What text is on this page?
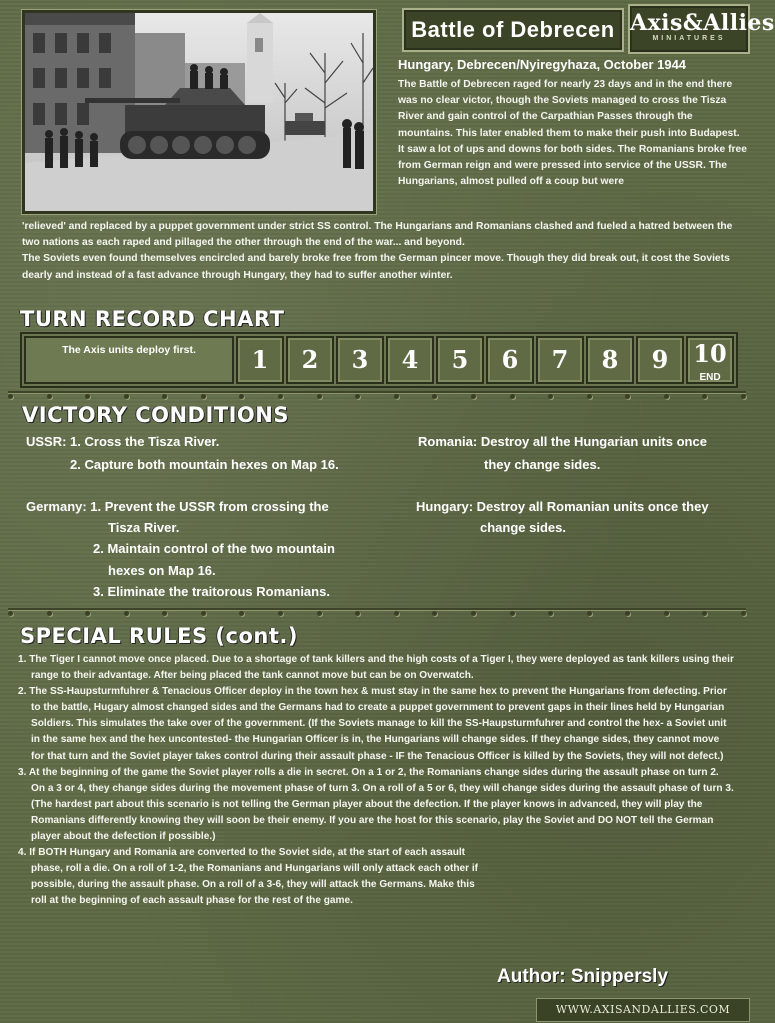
Battle of Debrecen Axis&Allies
MINIATURES
Hungary, Debrecen/Nyiregyhaza, October 1944
The Battle of Debrecen raged for nearly 23 days and in the end there was no clear victor, though the Soviets managed to cross the Tisza River and gain control of the Carpathian Passes through the mountains. This later enabled them to make their push into Budapest.
It saw a lot of ups and downs for both sides. The Romanians broke free from German reign and were pressed into service of the USSR. The Hungarians, almost pulled off a coup but were
'relieved' and replaced by a puppet government under strict SS control. The Hungarians and Romanians clashed and fueled a hatred between the two nations as each raped and pillaged the other through the end of the war... and beyond.
The Soviets even found themselves encircled and barely broke free from the German pincer move. Though they did break out, it cost the Soviets dearly and instead of a fast advance through Hungary, they had to suffer another winter.
TURN RECORD CHART
The Axis units deploy first.	1	2	3	4	5	6	7	8	9	10
END
VICTORY CONDITIONS
USSR: 1. Cross the Tisza River.
2. Capture both mountain hexes on Map 16.
Germany: 1. Prevent the USSR from crossing the
Tisza River.
2. Maintain control of the two mountain
hexes on Map 16.
3. Eliminate the traitorous Romanians.
Romania: Destroy all the Hungarian units once
they change sides.
Hungary: Destroy all Romanian units once they
change sides.
SPECIAL RULES (cont.)

1. The Tiger I cannot move once placed. Due to a shortage of tank killers and the high costs of a Tiger I, they were deployed as tank killers using their range to their advantage. After being placed the tank cannot move but can be on Overwatch.

2. The SS-Haupsturmfuhrer & Tenacious Officer deploy in the town hex & must stay in the same hex to prevent the Hungarians from defecting. Prior to the battle, Hugary almost changed sides and the Germans had to create a puppet government to prevent gaps in their lines held by Hungarian Soldiers. This simulates the take over of the government. (If the Soviets manage to kill the SS-Haupsturmfuhrer and control the hex- a Soviet unit in the same hex and the hex uncontested- the Hungarian Officer is in, the Hungarians will change sides. If they change sides, they cannot move for that turn and the Soviet player takes control during their assault phase - IF the Tenacious Officer is killed by the Soviets, they will not defect.)

3. At the beginning of the game the Soviet player rolls a die in secret. On a 1 or 2, the Romanians change sides during the assault phase on turn 2. On a 3 or 4, they change sides during the movement phase of turn 3. On a roll of a 5 or 6, they will change sides during the assault phase of turn 3. (The hardest part about this scenario is not telling the German player about the defection. If the player knows in advanced, they will play the Romanians differently knowing they will soon be their enemy. If you are the host for this scenario, play the Soviet and DO NOT tell the German player about the defection if possible.)

4. If BOTH Hungary and Romania are converted to the Soviet side, at the start of each assault phase, roll a die. On a roll of 1-2, the Romanians and Hungarians will only attack each other if possible, during the assault phase. On a roll of a 3-6, they will attack the Germans. Make this roll at the beginning of each assault phase for the rest of the game.

Author: Snippersly
WWW.AXISANDALLIES.COM
